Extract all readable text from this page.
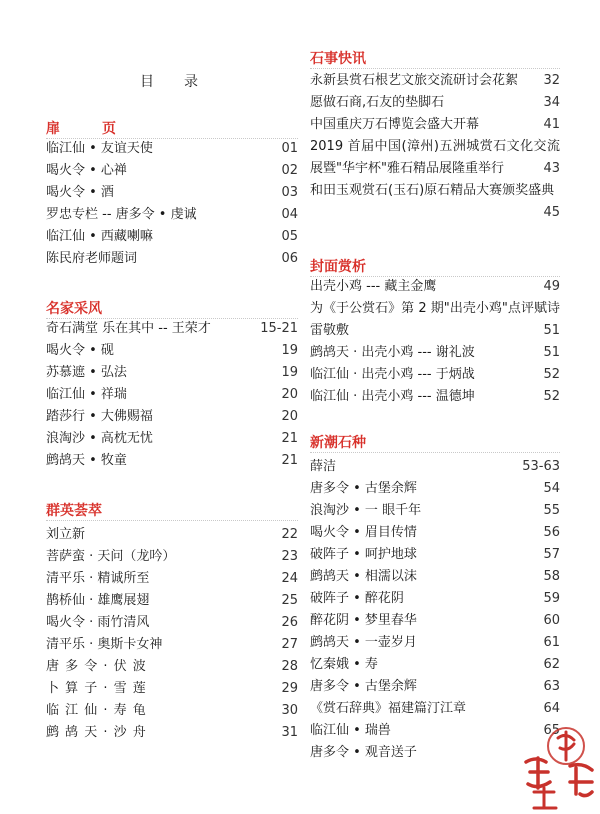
目　录
扉　页
临江仙 • 友谊天使	01
喝火令 • 心禅	02
喝火令 • 酒	03
罗忠专栏 -- 唐多令 • 虔诚	04
临江仙 • 西藏喇嘛	05
陈民府老师题词	06
名家采风
奇石满堂 乐在其中 -- 王荣才	15-21
喝火令 • 砚	19
苏慕遮 • 弘法	19
临江仙 • 祥瑞	20
踏莎行 • 大佛赐福	20
浪淘沙 • 高枕无忧	21
鹧鸪天 • 牧童	21
群英荟萃
刘立新	22
菩萨蛮 · 天问（龙吟）	23
清平乐 · 精诚所至	24
鹊桥仙 · 雄鹰展翅	25
喝火令 · 雨竹清风	26
清平乐 · 奥斯卡女神	27
唐 多 令 · 伏 波	28
卜 算 子 · 雪 莲	29
临 江 仙 · 寿 龟	30
鹧 鸪 天 · 沙 舟	31
石事快讯
永新县赏石根艺文旅交流研讨会花絮 32
愿做石商,石友的垫脚石	34
中国重庆万石博览会盛大开幕	41
2019 首届中国(漳州)五洲城赏石文化交流展暨"华宇杯"雅石精品展隆重举行	43
和田玉观赏石(玉石)原石精品大赛颁奖盛典
45
封面赏析
出壳小鸡 --- 藏主金鹰	49
为《于公赏石》第 2 期"出壳小鸡"点评赋诗雷敬敷	51
鹧鸪天 · 出壳小鸡 --- 谢礼波	51
临江仙 · 出壳小鸡 --- 于炳战	52
临江仙 · 出壳小鸡 --- 温德坤	52
新潮石种
薛洁	53-63
唐多令 • 古堡余辉	54
浪淘沙 • 一 眼千年	55
喝火令 • 眉目传情	56
破阵子 • 呵护地球	57
鹧鸪天 • 相濡以沫	58
破阵子 • 醉花阴	59
醉花阴 • 梦里春华	60
鹧鸪天 • 一壶岁月	61
忆秦娥 • 寿	62
唐多令 • 古堡余辉	63
《赏石辞典》福建篇汀江章	64
临江仙 • 瑞兽	65
唐多令 • 观音送子
